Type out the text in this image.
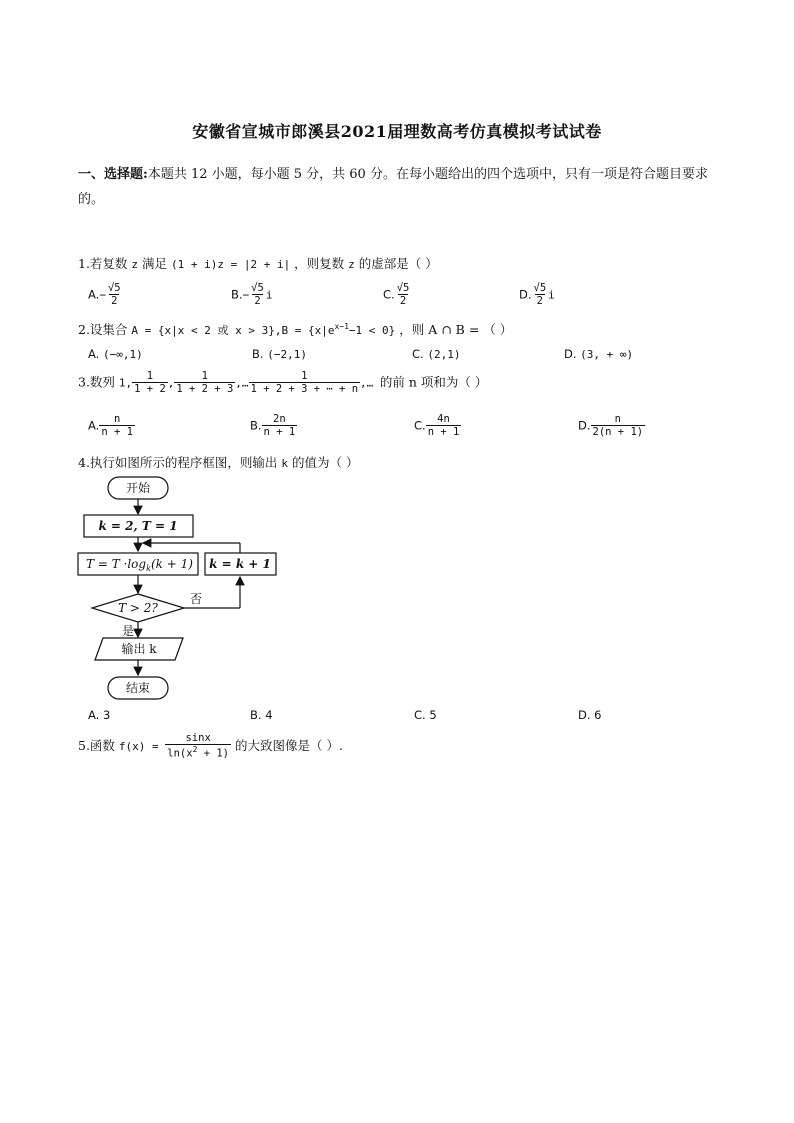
安徽省宣城市郎溪县2021届理数高考仿真模拟考试试卷
一、选择题:本题共 12 小题，每小题 5 分，共 60 分。在每小题给出的四个选项中，只有一项是符合题目要求的。
1.若复数 z 满足 (1 + i)z = |2 + i| ，则复数 z 的虚部是（ ）
$A.- \frac{√5}{2}$	$B.- \frac{√5}{2}$ i	C. $\frac{√5}{2}$	D. $\frac{√5}{2}$ i
2.设集合 A = {x|x < 2 或 $x > 3\},B = \{x|e^{x-1}-1 < 0\}$ ，则 A ∩ B = （ ）
A. (−∞,1)	B. (−2,1)	C. (2,1)	D. (3, + ∞)
3.数列 1, $\frac{1}{1 + 2}$ , $\frac{1}{1 + 2 + 3}$ ,… $\frac{1}{1 + 2 + 3 + \cdots + n}$ ,… 的前 n 项和为（ ）
A. $\frac{n}{n + 1}$	B. $\frac{2n}{n + 1}$	C. $\frac{4n}{n + 1}$	D. $\frac{n}{2(n + 1)}$
4.执行如图所示的程序框图，则输出 k 的值为（ ）
开始
k = 2, T = 1
$T = T \cdot\log_k(k + 1) k = k + 1$
T > 2?
否
是
输出 k
结束
A. 3	B. 4	C. 5	D. 6
5.函数 $f(x) = \frac{\sin x}{\ln(x^2 + 1)}$ 的大致图像是（ ）.
